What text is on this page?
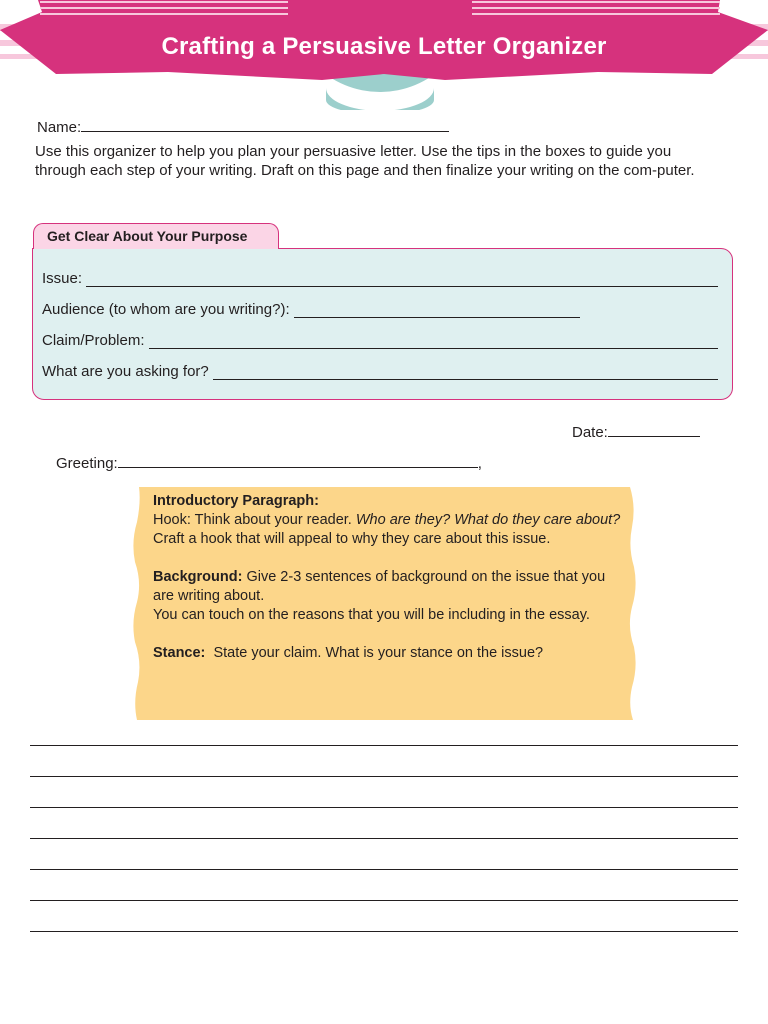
Crafting a Persuasive Letter Organizer
Name:
Use this organizer to help you plan your persuasive letter. Use the tips in the boxes to guide you through each step of your writing. Draft on this page and then finalize your writing on the com-puter.
Get Clear About Your Purpose
Issue:
Audience (to whom are you writing?):
Claim/Problem:
What are you asking for?
Date:
Greeting:	,

Introductory Paragraph:

Hook: Think about your reader. Who are they? What do they care about?

Craft a hook that will appeal to why they care about this issue.

Background: Give 2-3 sentences of background on the issue that you are writing about.

You can touch on the reasons that you will be including in the essay.

Stance: State your claim. What is your stance on the issue?
